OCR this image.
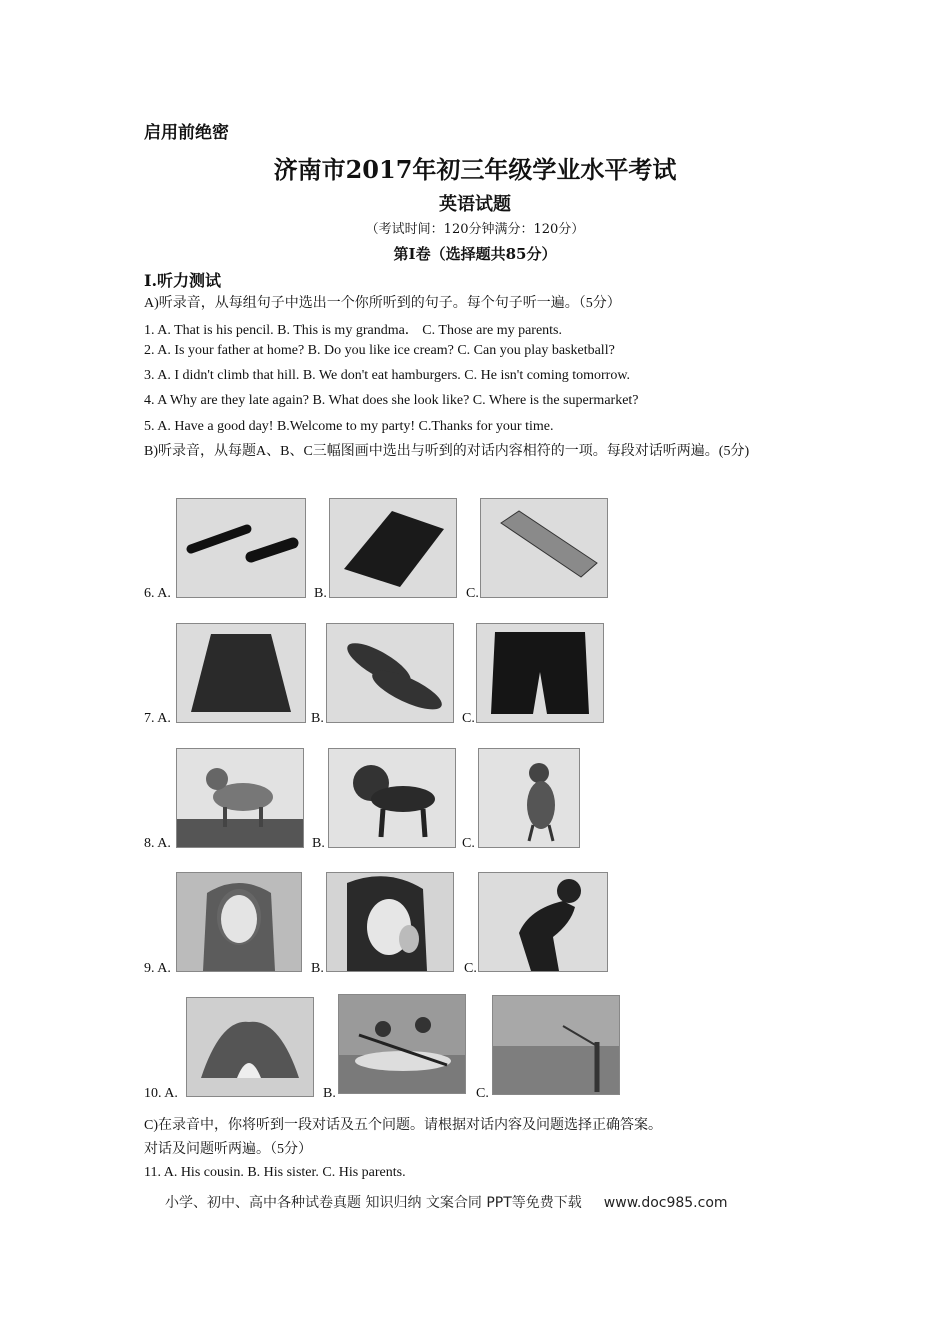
启用前绝密
济南市2017年初三年级学业水平考试
英语试题
（考试时间：120分钟满分：120分）
第Ⅰ卷（选择题共85分）
I.听力测试
A)听录音，从每组句子中选出一个你所听到的句子。每个句子听一遍。（5分）
1. A. That is his pencil. B. This is my grandma． C. Those are my parents.
2. A. Is your father at home? B. Do you like ice cream? C. Can you play basketball?
3. A. I didn't climb that hill. B. We don't eat hamburgers. C. He isn't coming tomorrow.
4. A Why are they late again? B. What does she look like? C. Where is the supermarket?
5. A. Have a good day! B.Welcome to my party! C.Thanks for your time.
B)听录音，从每题A、B、C三幅图画中选出与听到的对话内容相符的一项。每段对话听两遍。(5分)
6. A.	B.	C.
7. A.	B.	C.
8. A.	B.	C.
9. A.	B.	C.
10. A.	B.	C.
C)在录音中，你将听到一段对话及五个问题。请根据对话内容及问题选择正确答案。对话及问题听两遍。（5分）
11. A. His cousin. B. His sister. C. His parents.
小学、初中、高中各种试卷真题 知识归纳 文案合同 PPT等免费下载 www.doc985.com
